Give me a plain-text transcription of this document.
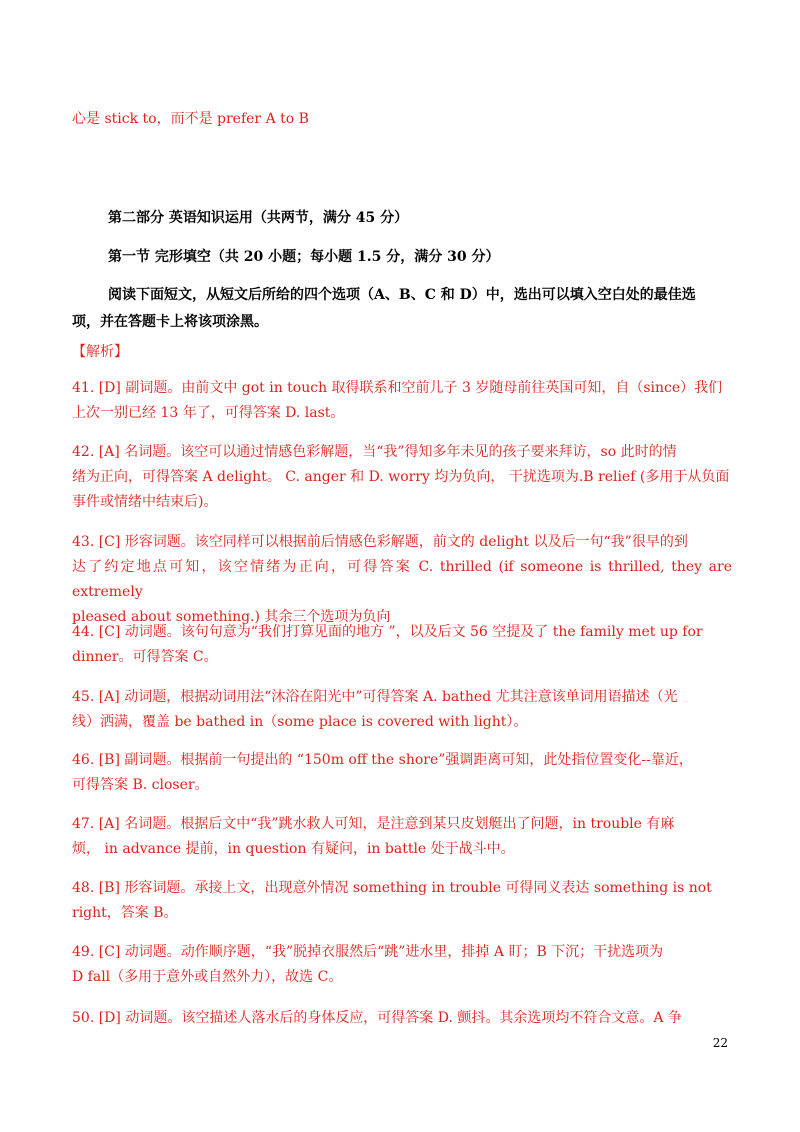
心是 stick to，而不是 prefer A to B
第二部分 英语知识运用（共两节，满分 45 分）
第一节 完形填空（共 20 小题；每小题 1.5 分，满分 30 分）
阅读下面短文，从短文后所给的四个选项（A、B、C 和 D）中，选出可以填入空白处的最佳选
项，并在答题卡上将该项涂黑。
【解析】

41. [D] 副词题。由前文中 got in touch 取得联系和空前儿子 3 岁随母前往英国可知，自（since）我们

上次一别已经 13 年了，可得答案 D. last。

42. [A] 名词题。该空可以通过情感色彩解题，当“我”得知多年未见的孩子要来拜访，so 此时的情

绪为正向，可得答案 A delight。 C. anger 和 D. worry 均为负向， 干扰选项为.B relief (多用于从负面

事件或情绪中结束后)。

43. [C] 形容词题。该空同样可以根据前后情感色彩解题，前文的 delight 以及后一句“我”很早的到

达了约定地点可知，该空情绪为正向，可得答案 C. thrilled (if someone is thrilled, they are extremely

pleased about something.) 其余三个选项为负向

44. [C] 动词题。该句句意为“我们打算见面的地方 ”，以及后文 56 空提及了 the family met up for

dinner。可得答案 C。

45. [A] 动词题，根据动词用法“沐浴在阳光中”可得答案 A. bathed 尤其注意该单词用语描述（光

线）洒满，覆盖 be bathed in（some place is covered with light）。

46. [B] 副词题。根据前一句提出的 “150m off the shore”强调距离可知，此处指位置变化--靠近，

可得答案 B. closer。

47. [A] 名词题。根据后文中“我”跳水救人可知，是注意到某只皮划艇出了问题，in trouble 有麻

烦， in advance 提前，in question 有疑问，in battle 处于战斗中。

48. [B] 形容词题。承接上文，出现意外情况 something in trouble 可得同义表达 something is not

right，答案 B。

49. [C] 动词题。动作顺序题，“我”脱掉衣服然后“跳”进水里，排掉 A 盯；B 下沉；干扰选项为

D fall（多用于意外或自然外力），故选 C。

50. [D] 动词题。该空描述人落水后的身体反应，可得答案 D. 颤抖。其余选项均不符合文意。A 争

22
